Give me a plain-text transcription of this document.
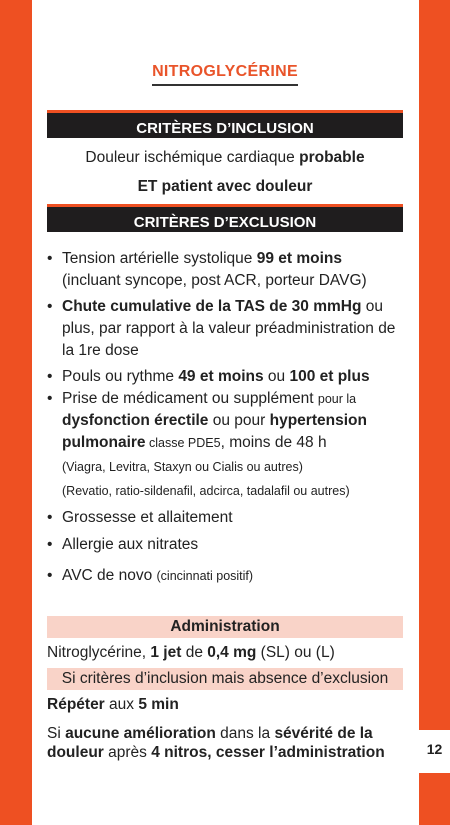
12
NITROGLYCÉRINE
CRITÈRES D’INCLUSION
Douleur ischémique cardiaque probable
ET patient avec douleur
CRITÈRES D’EXCLUSION
• Tension artérielle systolique 99 et moins (incluant syncope, post ACR, porteur DAVG)
• Chute cumulative de la TAS de 30 mmHg ou plus, par rapport à la valeur préadministration de la 1re dose
• Pouls ou rythme 49 et moins ou 100 et plus
• Prise de médicament ou supplément pour la dysfonction érectile ou pour hypertension pulmonaire classe PDE5, moins de 48 h
(Viagra, Levitra, Staxyn ou Cialis ou autres)
(Revatio, ratio-sildenafil, adcirca, tadalafil ou autres)
• Grossesse et allaitement
• Allergie aux nitrates
• AVC de novo (cincinnati positif)
Administration
Nitroglycérine, 1 jet de 0,4 mg (SL) ou (L)
Si critères d’inclusion mais absence d’exclusion
Répéter aux 5 min
Si aucune amélioration dans la sévérité de la douleur après 4 nitros, cesser l’administration
